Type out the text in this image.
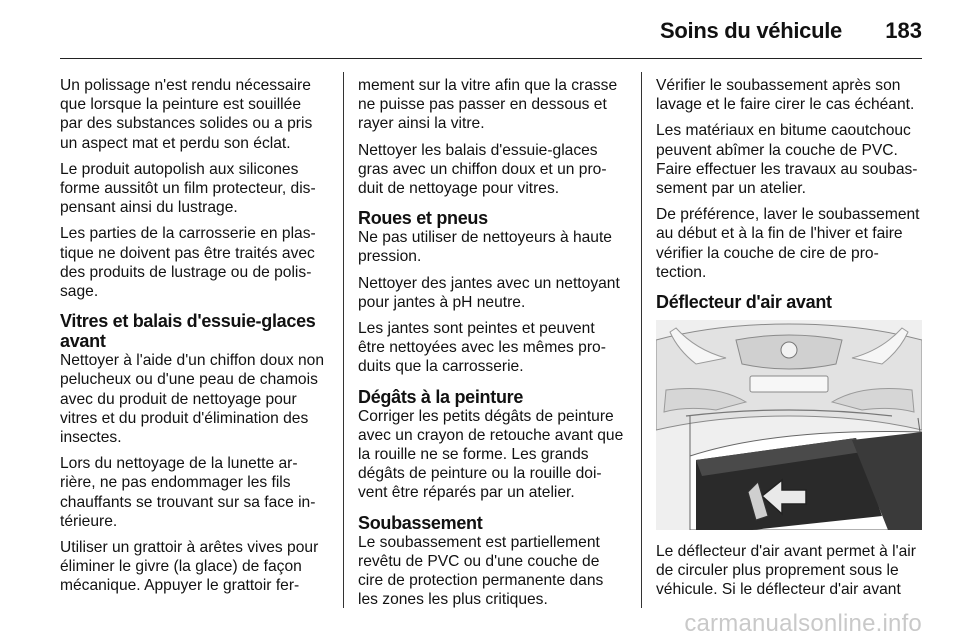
Soins du véhicule 183

Un polissage n'est rendu nécessaire que lorsque la peinture est souillée par des substances solides ou a pris un aspect mat et perdu son éclat.

Le produit autopolish aux silicones forme aussitôt un film protecteur, dispensant ainsi du lustrage.

Les parties de la carrosserie en plastique ne doivent pas être traités avec des produits de lustrage ou de polissage.

Vitres et balais d'essuie-glaces avant

Nettoyer à l'aide d'un chiffon doux non pelucheux ou d'une peau de chamois avec du produit de nettoyage pour vitres et du produit d'élimination des insectes.

Lors du nettoyage de la lunette arrière, ne pas endommager les fils chauffants se trouvant sur sa face intérieure.

Utiliser un grattoir à arêtes vives pour éliminer le givre (la glace) de façon mécanique. Appuyer le grattoir fer-

mement sur la vitre afin que la crasse ne puisse pas passer en dessous et rayer ainsi la vitre.

Nettoyer les balais d'essuie-glaces gras avec un chiffon doux et un produit de nettoyage pour vitres.

Roues et pneus

Ne pas utiliser de nettoyeurs à haute pression.

Nettoyer des jantes avec un nettoyant pour jantes à pH neutre.

Les jantes sont peintes et peuvent être nettoyées avec les mêmes produits que la carrosserie.

Dégâts à la peinture

Corriger les petits dégâts de peinture avec un crayon de retouche avant que la rouille ne se forme. Les grands dégâts de peinture ou la rouille doivent être réparés par un atelier.

Soubassement

Le soubassement est partiellement revêtu de PVC ou d'une couche de cire de protection permanente dans les zones les plus critiques.

Vérifier le soubassement après son lavage et le faire cirer le cas échéant.

Les matériaux en bitume caoutchouc peuvent abîmer la couche de PVC. Faire effectuer les travaux au soubassement par un atelier.

De préférence, laver le soubassement au début et à la fin de l'hiver et faire vérifier la couche de cire de protection.

Déflecteur d'air avant

Le déflecteur d'air avant permet à l'air de circuler plus proprement sous le véhicule. Si le déflecteur d'air avant

carmanualsonline.info
